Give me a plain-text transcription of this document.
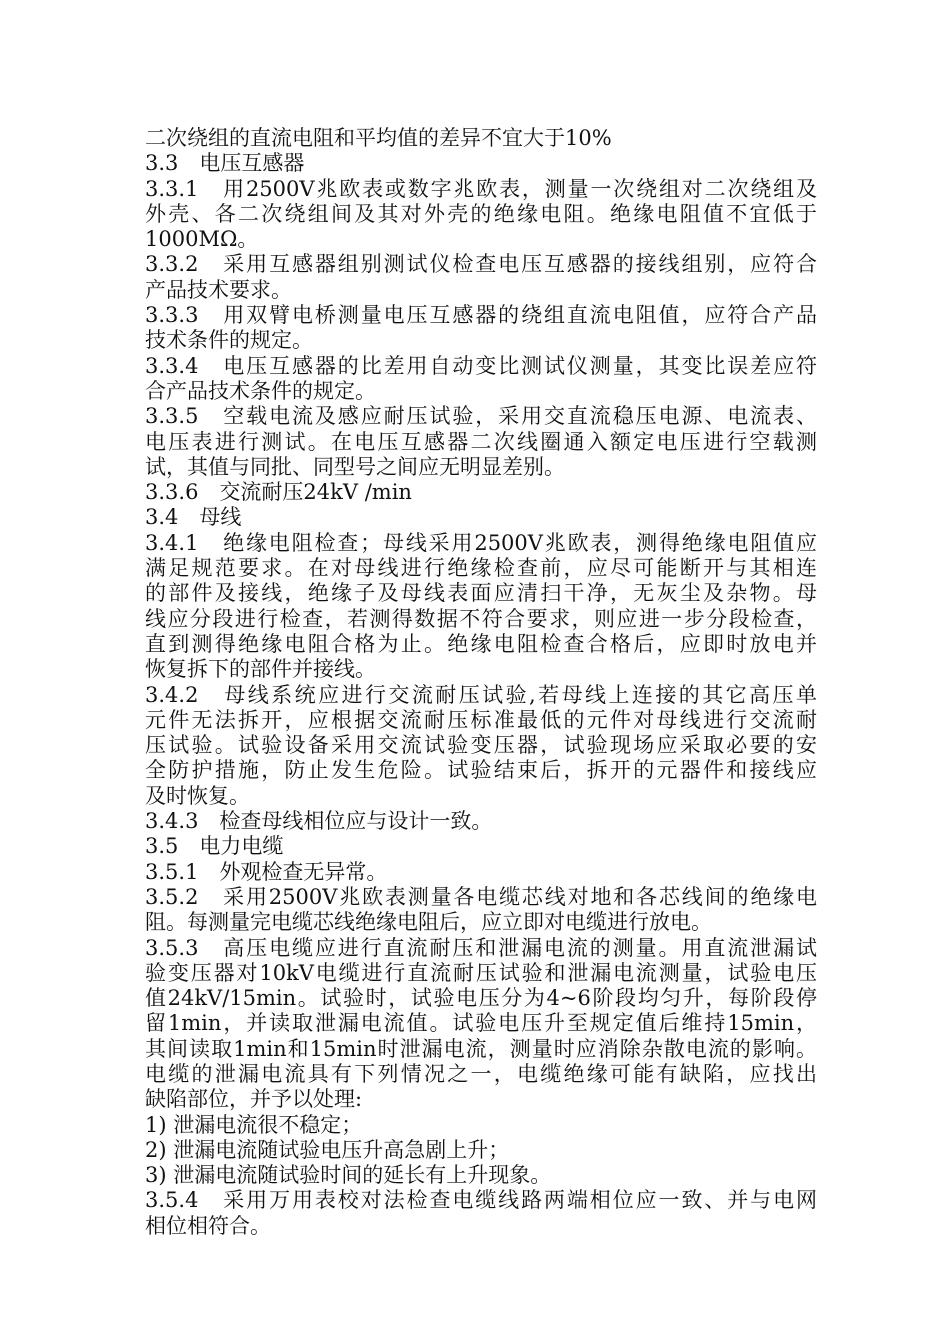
二次绕组的直流电阻和平均值的差异不宜大于10%
3.3　电压互感器
3.3.1　用2500V兆欧表或数字兆欧表，测量一次绕组对二次绕组及
外壳、各二次绕组间及其对外壳的绝缘电阻。绝缘电阻值不宜低于
1000MΩ。
3.3.2　采用互感器组别测试仪检查电压互感器的接线组别，应符合
产品技术要求。
3.3.3　用双臂电桥测量电压互感器的绕组直流电阻值，应符合产品
技术条件的规定。
3.3.4　电压互感器的比差用自动变比测试仪测量，其变比误差应符
合产品技术条件的规定。
3.3.5　空载电流及感应耐压试验，采用交直流稳压电源、电流表、
电压表进行测试。在电压互感器二次线圈通入额定电压进行空载测
试，其值与同批、同型号之间应无明显差别。
3.3.6　交流耐压24kV /min
3.4　母线
3.4.1　绝缘电阻检查；母线采用2500V兆欧表，测得绝缘电阻值应
满足规范要求。在对母线进行绝缘检查前，应尽可能断开与其相连
的部件及接线，绝缘子及母线表面应清扫干净，无灰尘及杂物。母
线应分段进行检查，若测得数据不符合要求，则应进一步分段检查，
直到测得绝缘电阻合格为止。绝缘电阻检查合格后，应即时放电并
恢复拆下的部件并接线。
3.4.2　母线系统应进行交流耐压试验,若母线上连接的其它高压单
元件无法拆开，应根据交流耐压标准最低的元件对母线进行交流耐
压试验。试验设备采用交流试验变压器，试验现场应采取必要的安
全防护措施，防止发生危险。试验结束后，拆开的元器件和接线应
及时恢复。
3.4.3　检查母线相位应与设计一致。
3.5　电力电缆
3.5.1　外观检查无异常。
3.5.2　采用2500V兆欧表测量各电缆芯线对地和各芯线间的绝缘电
阻。每测量完电缆芯线绝缘电阻后，应立即对电缆进行放电。
3.5.3　高压电缆应进行直流耐压和泄漏电流的测量。用直流泄漏试
验变压器对10kV电缆进行直流耐压试验和泄漏电流测量，试验电压
值24kV/15min。试验时，试验电压分为4~6阶段均匀升，每阶段停
留1min，并读取泄漏电流值。试验电压升至规定值后维持15min，
其间读取1min和15min时泄漏电流，测量时应消除杂散电流的影响。
电缆的泄漏电流具有下列情况之一，电缆绝缘可能有缺陷，应找出
缺陷部位，并予以处理:
1) 泄漏电流很不稳定；
2) 泄漏电流随试验电压升高急剧上升；
3) 泄漏电流随试验时间的延长有上升现象。
3.5.4　采用万用表校对法检查电缆线路两端相位应一致、并与电网
相位相符合。
